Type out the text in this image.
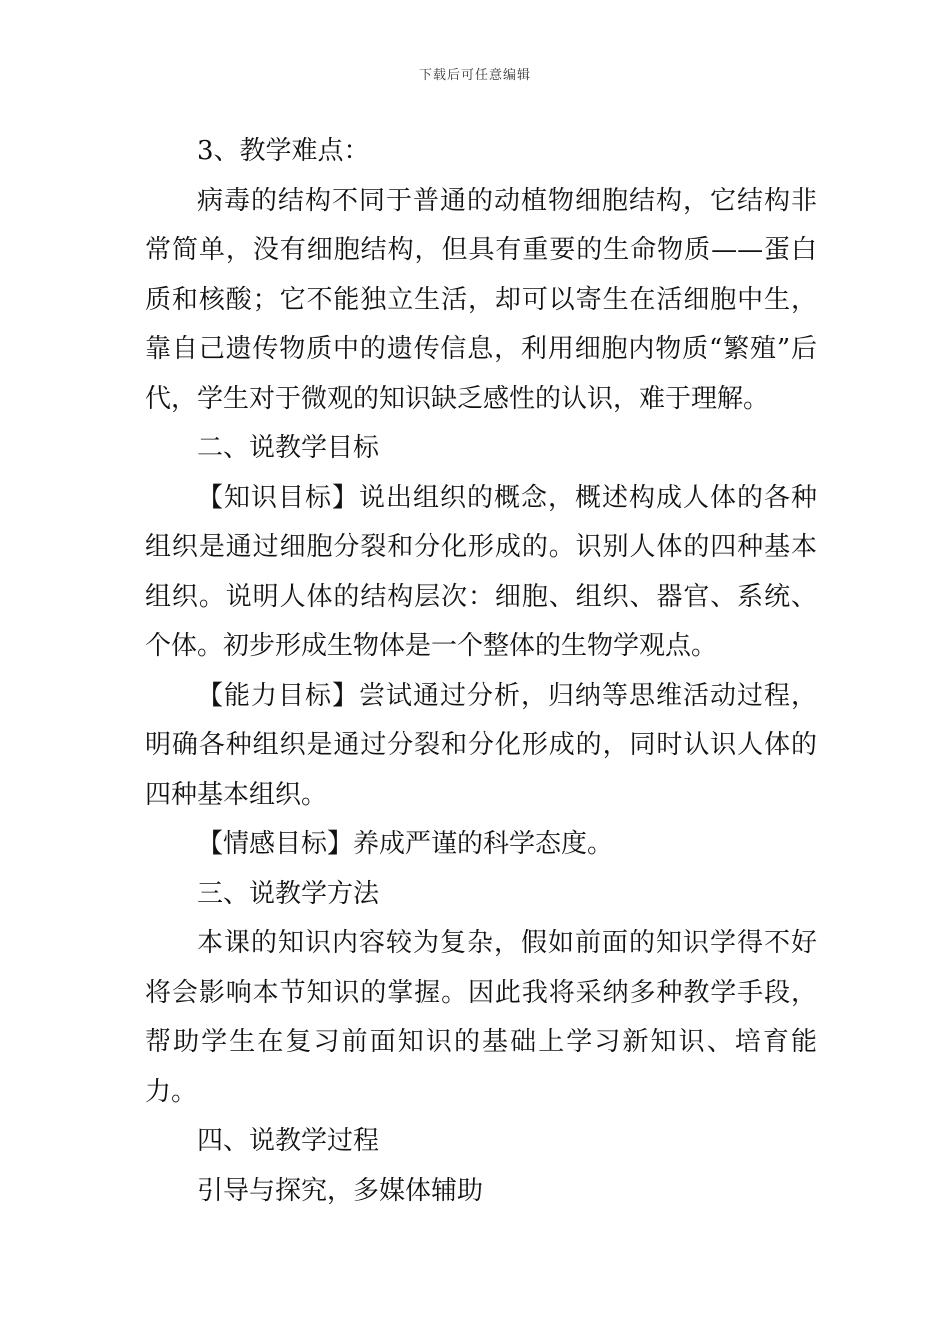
下载后可任意编辑

3、教学难点：

病毒的结构不同于普通的动植物细胞结构，它结构非常简单，没有细胞结构，但具有重要的生命物质——蛋白质和核酸；它不能独立生活，却可以寄生在活细胞中生，靠自己遗传物质中的遗传信息，利用细胞内物质“繁殖”后代，学生对于微观的知识缺乏感性的认识，难于理解。

二、说教学目标

【知识目标】说出组织的概念，概述构成人体的各种组织是通过细胞分裂和分化形成的。识别人体的四种基本组织。说明人体的结构层次：细胞、组织、器官、系统、个体。初步形成生物体是一个整体的生物学观点。

【能力目标】尝试通过分析，归纳等思维活动过程，明确各种组织是通过分裂和分化形成的，同时认识人体的四种基本组织。

【情感目标】养成严谨的科学态度。

三、说教学方法

本课的知识内容较为复杂，假如前面的知识学得不好将会影响本节知识的掌握。因此我将采纳多种教学手段，帮助学生在复习前面知识的基础上学习新知识、培育能力。

四、说教学过程

引导与探究，多媒体辅助
